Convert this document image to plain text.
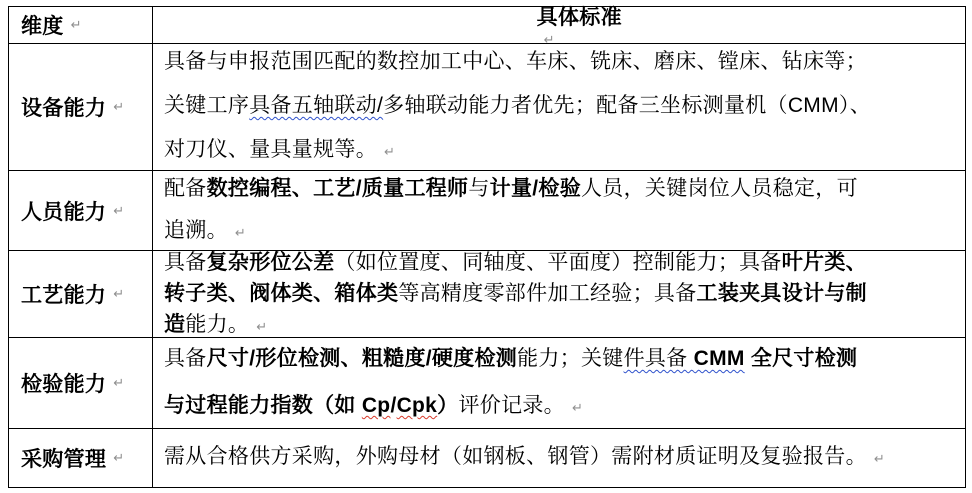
维度 ↵	具体标准
↵

设备能力 ↵
具备与申报范围匹配的数控加工中心、车床、铣床、磨床、镗床、钻床等；
关键工序具备五轴联动/多轴联动能力者优先；配备三坐标测量机（CMM）、
对刀仪、量具量规等。 ↵
人员能力 ↵
配备数控编程、工艺/质量工程师与计量/检验人员，关键岗位人员稳定，可
追溯。 ↵
工艺能力 ↵
具备复杂形位公差（如位置度、同轴度、平面度）控制能力；具备叶片类、
转子类、阀体类、箱体类等高精度零部件加工经验；具备工装夹具设计与制
造能力。 ↵
检验能力 ↵
具备尺寸/形位检测、粗糙度/硬度检测能力；关键件具备 CMM 全尺寸检测
与过程能力指数（如 Cp/Cpk）评价记录。 ↵
采购管理 ↵ 需从合格供方采购，外购母材（如钢板、钢管）需附材质证明及复验报告。 ↵
